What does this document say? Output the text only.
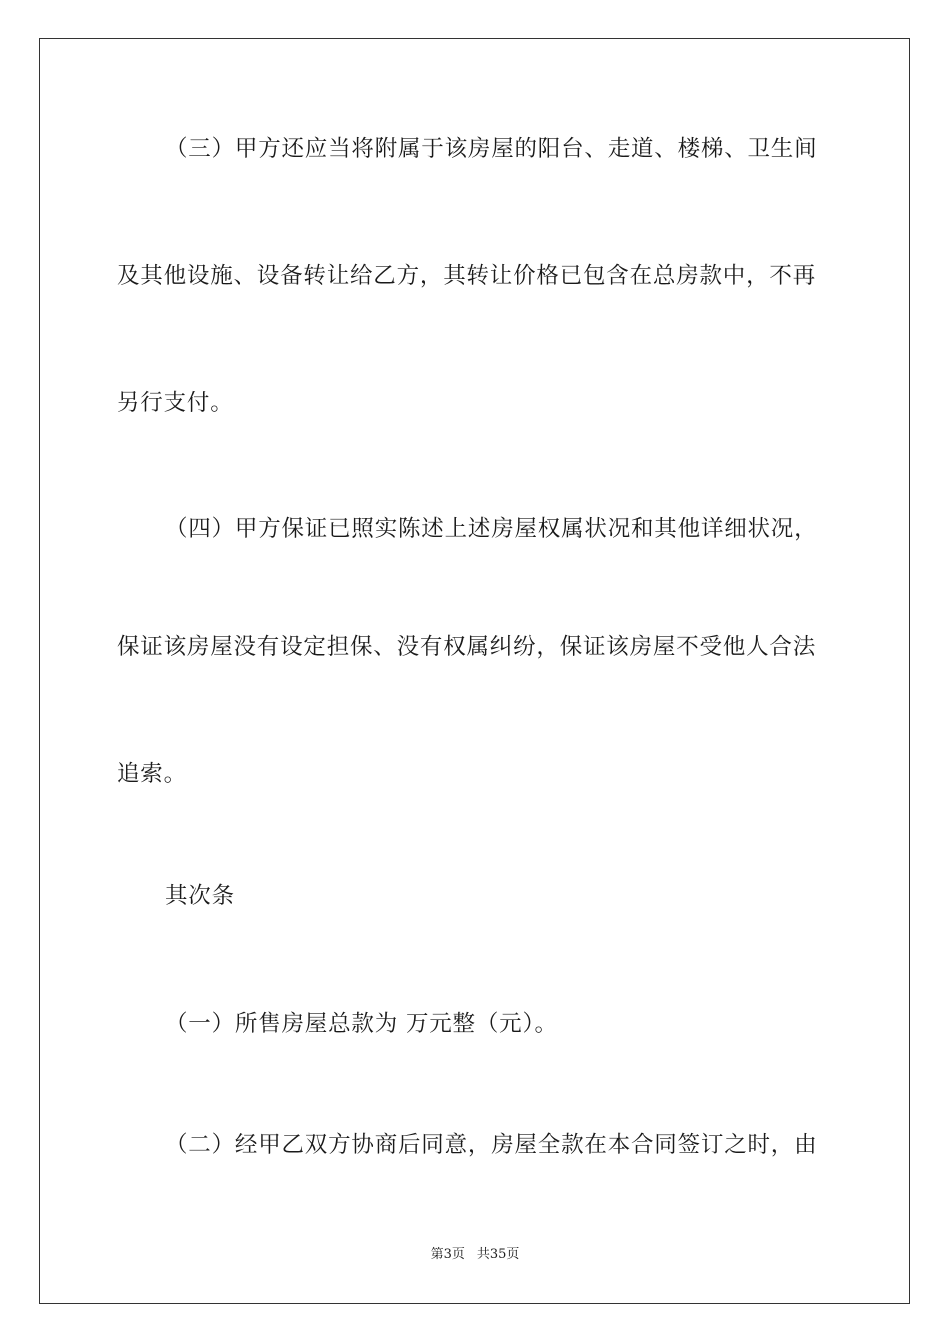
（三）甲方还应当将附属于该房屋的阳台、走道、楼梯、卫生间
及其他设施、设备转让给乙方，其转让价格已包含在总房款中，不再
另行支付。
（四）甲方保证已照实陈述上述房屋权属状况和其他详细状况，
保证该房屋没有设定担保、没有权属纠纷，保证该房屋不受他人合法
追索。
其次条
（一）所售房屋总款为 万元整（元）。
（二）经甲乙双方协商后同意，房屋全款在本合同签订之时，由
第3页 共35页
